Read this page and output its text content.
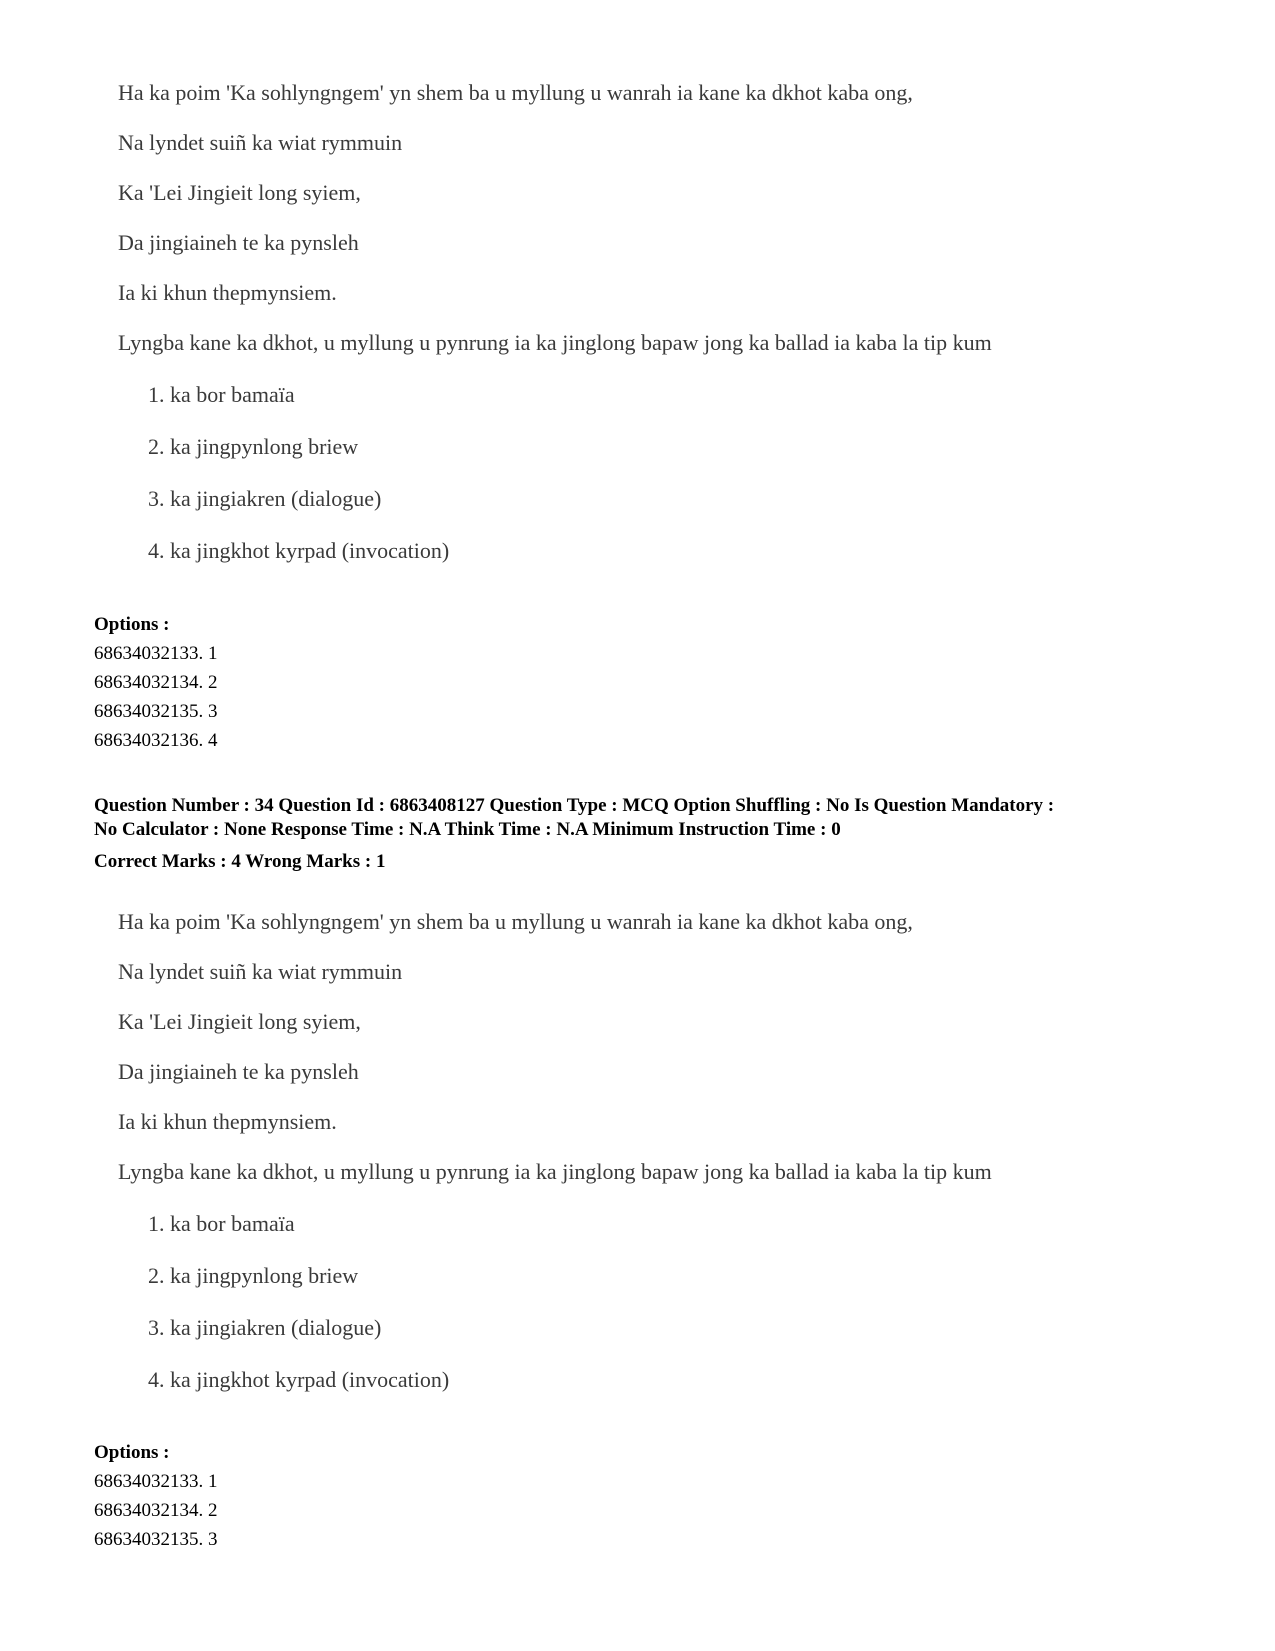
Ha ka poim 'Ka sohlyngngem' yn shem ba u myllung u wanrah ia kane ka dkhot kaba ong,
Na lyndet suiñ ka wiat rymmuin
Ka 'Lei Jingieit long syiem,
Da jingiaineh te ka pynsleh
Ia ki khun thepmynsiem.
Lyngba kane ka dkhot, u myllung u pynrung ia ka jinglong bapaw jong ka ballad ia kaba la tip kum
1. ka bor bamaïa
2. ka jingpynlong briew
3. ka jingiakren (dialogue)
4. ka jingkhot kyrpad (invocation)
Options :
68634032133. 1
68634032134. 2
68634032135. 3
68634032136. 4
Question Number : 34 Question Id : 6863408127 Question Type : MCQ Option Shuffling : No Is Question Mandatory :
No Calculator : None Response Time : N.A Think Time : N.A Minimum Instruction Time : 0
Correct Marks : 4 Wrong Marks : 1
Ha ka poim 'Ka sohlyngngem' yn shem ba u myllung u wanrah ia kane ka dkhot kaba ong,
Na lyndet suiñ ka wiat rymmuin
Ka 'Lei Jingieit long syiem,
Da jingiaineh te ka pynsleh
Ia ki khun thepmynsiem.
Lyngba kane ka dkhot, u myllung u pynrung ia ka jinglong bapaw jong ka ballad ia kaba la tip kum
1. ka bor bamaïa
2. ka jingpynlong briew
3. ka jingiakren (dialogue)
4. ka jingkhot kyrpad (invocation)
Options :
68634032133. 1
68634032134. 2
68634032135. 3
